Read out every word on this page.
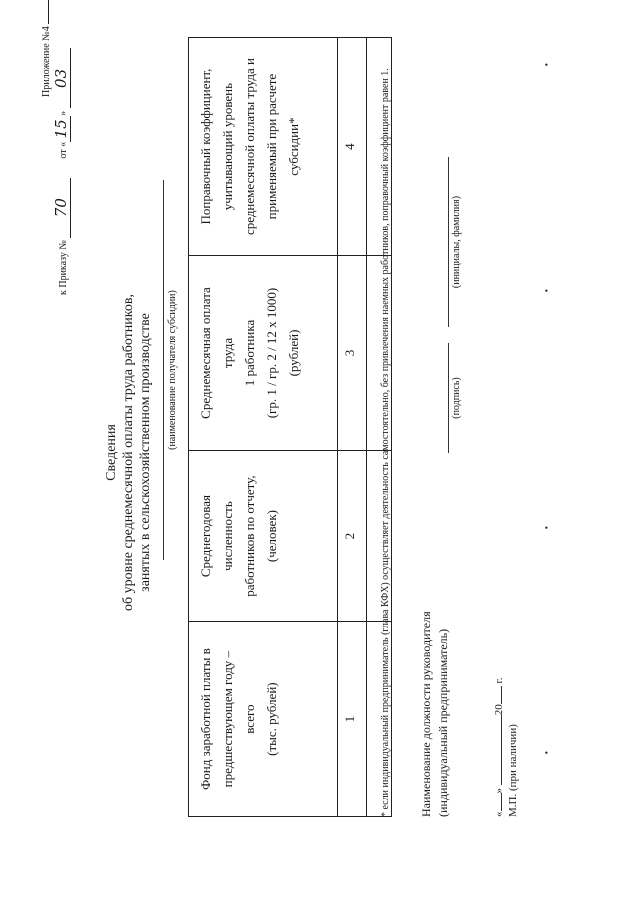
Приложение №4
к Приказу № 70  от «15» 03
Сведения об уровне среднемесячной оплаты труда работников, занятых в сельскохозяйственном производстве (наименование получателя субсидии)
Фонд заработной платы в предшествующем году – всего (тыс. рублей)	Среднегодовая численность работников по отчету, (человек)	Среднемесячная оплата труда 1 работника (гр. 1 / гр. 2 / 12 х 1000) (рублей)	Поправочный коэффициент, учитывающий уровень среднемесячной оплаты труда и применяемый при расчете субсидии*

1	2	3	4
			* если индивидуальный предприниматель (глава КФХ) осуществляет деятельность самостоятельно, без привлечения наемных работников, поправочный коэффициент равен 1. Наименование должности руководителя (индивидуальный предприниматель)
(подпись)
(инициалы, фамилия)
«» 20 г.
М.П. (при наличии)
·
·
·
·
